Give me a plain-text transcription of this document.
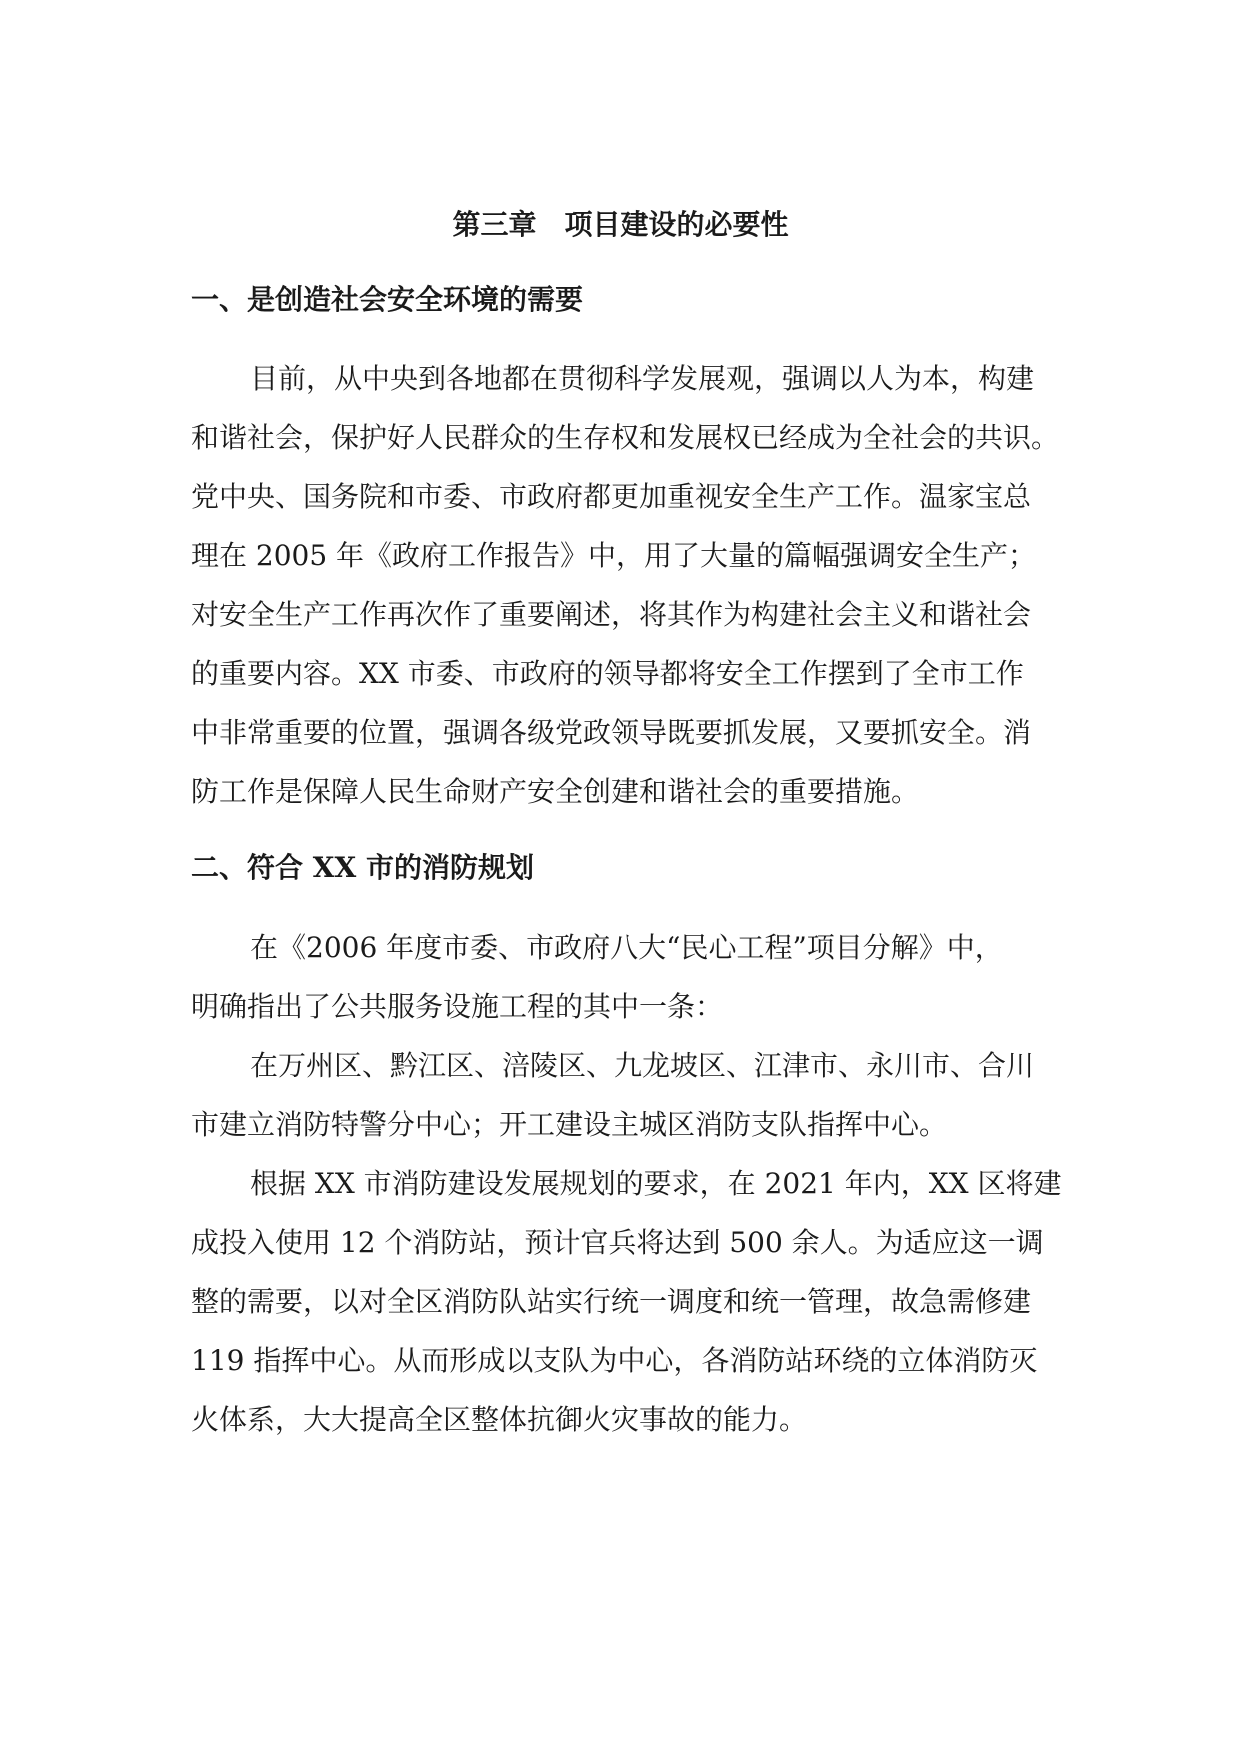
第三章　项目建设的必要性
一、是创造社会安全环境的需要
目前，从中央到各地都在贯彻科学发展观，强调以人为本，构建
和谐社会，保护好人民群众的生存权和发展权已经成为全社会的共识。
党中央、国务院和市委、市政府都更加重视安全生产工作。温家宝总
理在 2005 年《政府工作报告》中，用了大量的篇幅强调安全生产；
对安全生产工作再次作了重要阐述，将其作为构建社会主义和谐社会
的重要内容。XX 市委、市政府的领导都将安全工作摆到了全市工作
中非常重要的位置，强调各级党政领导既要抓发展，又要抓安全。消
防工作是保障人民生命财产安全创建和谐社会的重要措施。
二、符合 XX 市的消防规划
在《2006 年度市委、市政府八大“民心工程”项目分解》中，
明确指出了公共服务设施工程的其中一条：
在万州区、黔江区、涪陵区、九龙坡区、江津市、永川市、合川
市建立消防特警分中心；开工建设主城区消防支队指挥中心。
根据 XX 市消防建设发展规划的要求，在 2021 年内，XX 区将建
成投入使用 12 个消防站，预计官兵将达到 500 余人。为适应这一调
整的需要，以对全区消防队站实行统一调度和统一管理，故急需修建
119 指挥中心。从而形成以支队为中心，各消防站环绕的立体消防灭
火体系，大大提高全区整体抗御火灾事故的能力。
